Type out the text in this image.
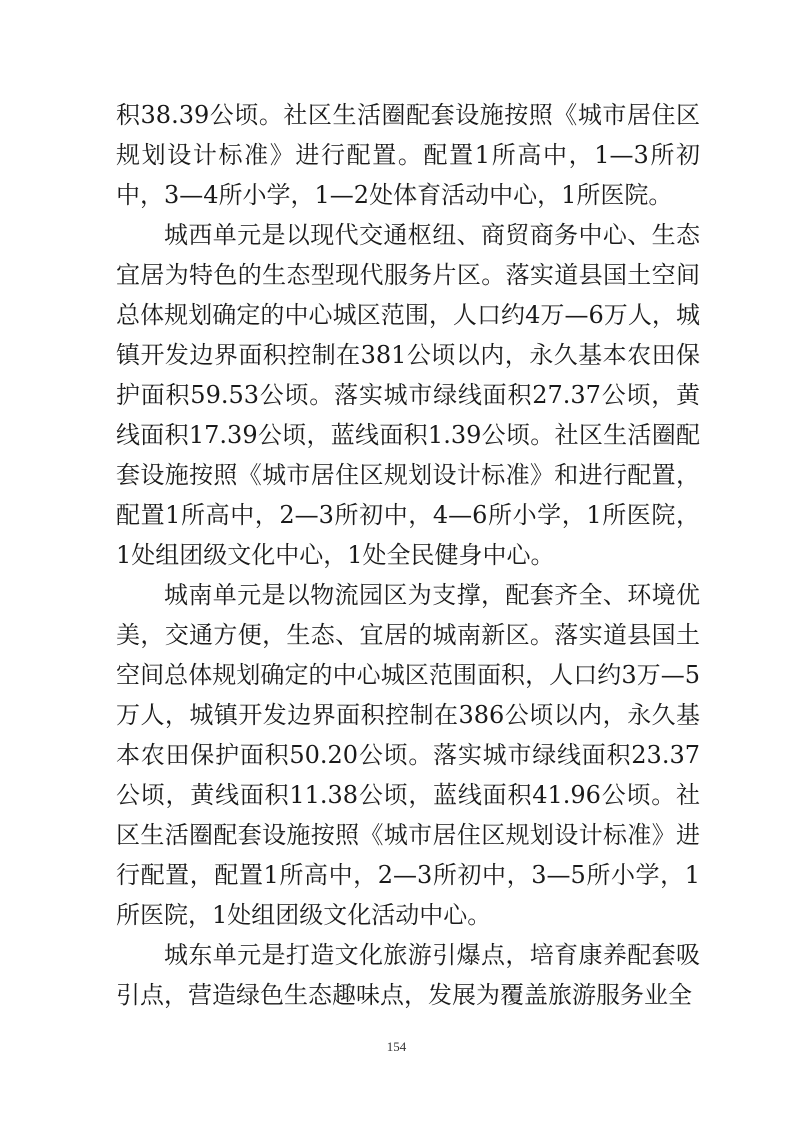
积38.39公顷。社区生活圈配套设施按照《城市居住区规划设计标准》进行配置。配置1所高中，1—3所初中，3—4所小学，1—2处体育活动中心，1所医院。

城西单元是以现代交通枢纽、商贸商务中心、生态宜居为特色的生态型现代服务片区。落实道县国土空间总体规划确定的中心城区范围，人口约4万—6万人，城镇开发边界面积控制在381公顷以内，永久基本农田保护面积59.53公顷。落实城市绿线面积27.37公顷，黄线面积17.39公顷，蓝线面积1.39公顷。社区生活圈配套设施按照《城市居住区规划设计标准》和进行配置，配置1所高中，2—3所初中，4—6所小学，1所医院，1处组团级文化中心，1处全民健身中心。

城南单元是以物流园区为支撑，配套齐全、环境优美，交通方便，生态、宜居的城南新区。落实道县国土空间总体规划确定的中心城区范围面积，人口约3万—5万人，城镇开发边界面积控制在386公顷以内，永久基本农田保护面积50.20公顷。落实城市绿线面积23.37公顷，黄线面积11.38公顷，蓝线面积41.96公顷。社区生活圈配套设施按照《城市居住区规划设计标准》进行配置，配置1所高中，2—3所初中，3—5所小学，1所医院，1处组团级文化活动中心。

城东单元是打造文化旅游引爆点，培育康养配套吸引点，营造绿色生态趣味点，发展为覆盖旅游服务业全

154
